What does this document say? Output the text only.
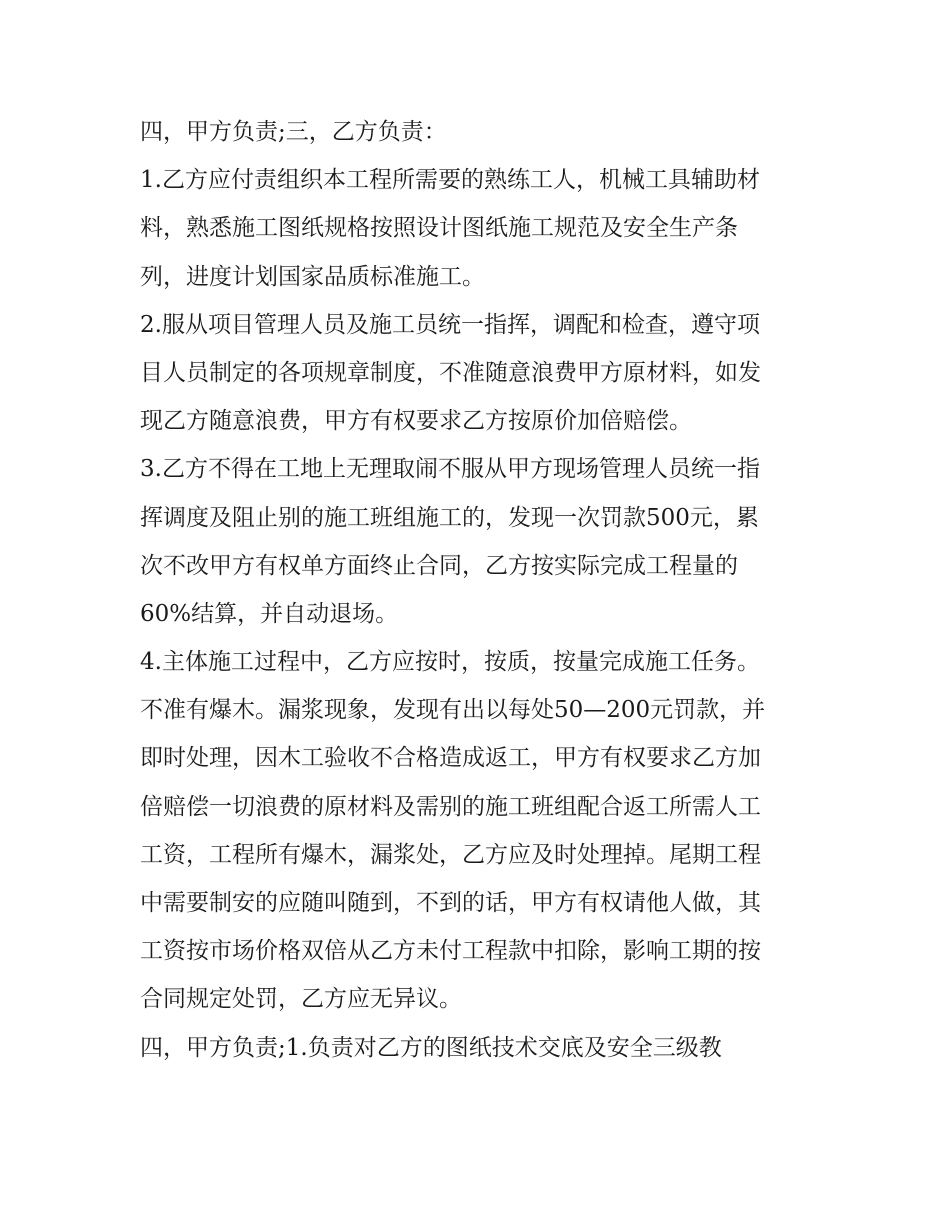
四，甲方负责;三，乙方负责：

1.乙方应付责组织本工程所需要的熟练工人，机械工具辅助材

料，熟悉施工图纸规格按照设计图纸施工规范及安全生产条

列，进度计划国家品质标准施工。

2.服从项目管理人员及施工员统一指挥，调配和检查，遵守项

目人员制定的各项规章制度，不准随意浪费甲方原材料，如发

现乙方随意浪费，甲方有权要求乙方按原价加倍赔偿。

3.乙方不得在工地上无理取闹不服从甲方现场管理人员统一指

挥调度及阻止别的施工班组施工的，发现一次罚款500元，累

次不改甲方有权单方面终止合同，乙方按实际完成工程量的

60%结算，并自动退场。

4.主体施工过程中，乙方应按时，按质，按量完成施工任务。

不准有爆木。漏浆现象，发现有出以每处50—200元罚款，并

即时处理，因木工验收不合格造成返工，甲方有权要求乙方加

倍赔偿一切浪费的原材料及需别的施工班组配合返工所需人工

工资，工程所有爆木，漏浆处，乙方应及时处理掉。尾期工程

中需要制安的应随叫随到，不到的话，甲方有权请他人做，其

工资按市场价格双倍从乙方未付工程款中扣除，影响工期的按

合同规定处罚，乙方应无异议。

四，甲方负责;1.负责对乙方的图纸技术交底及安全三级教
